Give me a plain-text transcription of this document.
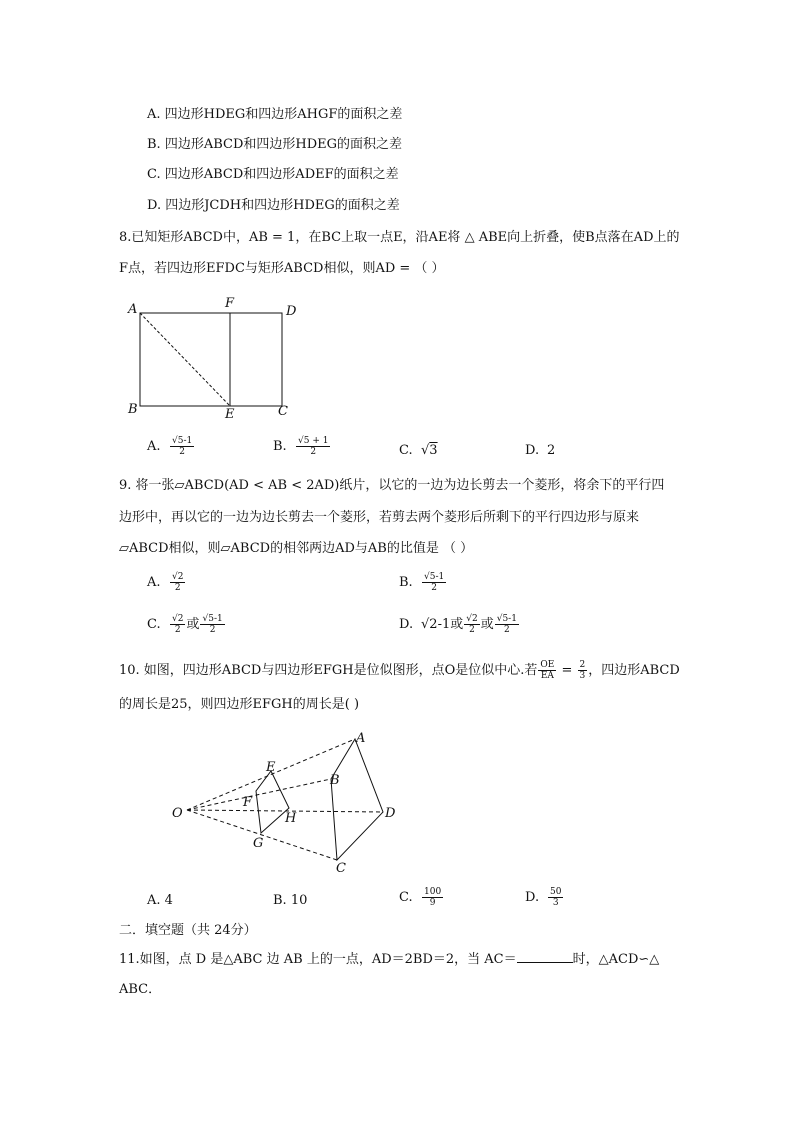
A. 四边形HDEG和四边形AHGF的面积之差
B. 四边形ABCD和四边形HDEG的面积之差
C. 四边形ABCD和四边形ADEF的面积之差
D. 四边形JCDH和四边形HDEG的面积之差
8.已知矩形ABCD中，AB = 1，在BC上取一点E，沿AE将 △ ABE向上折叠，使B点落在AD上的
F点，若四边形EFDC与矩形ABCD相似，则AD = （ ）
A	F
D
B	E	C
A. $\frac{√5-1}{2}$	B. $\frac{√5 + 1}{2}$	C. √3	D. 2
9. 将一张▱ABCD(AD < AB < 2AD)纸片，以它的一边为边长剪去一个菱形，将余下的平行四
边形中，再以它的一边为边长剪去一个菱形，若剪去两个菱形后所剩下的平行四边形与原来
▱ABCD相似，则▱ABCD的相邻两边AD与AB的比值是 （ ）
A. $\frac{√2}{2}$	B. $\frac{√5-1}{2}$
C. $\frac{√2}{2}$ 或 $\frac{√5-1}{2}$	D. √2-1或 $\frac{√2}{2}$ 或 $\frac{√5-1}{2}$
10. 如图，四边形ABCD与四边形EFGH是位似图形，点O是位似中心.若 $\frac{OE}{EA} = \frac{2}{3}$ ，四边形ABCD
的周长是25，则四边形EFGH的周长是( )
O
A
B
D
C
E
F
H
G
A. 4	B. 10	C. $\frac{100}{9}$	D. $\frac{50}{3}$
二．填空题（共 24分）
11.如图，点 D 是△ABC 边 AB 上的一点，AD＝2BD＝2，当 AC＝	时，△ACD∽△
ABC．
